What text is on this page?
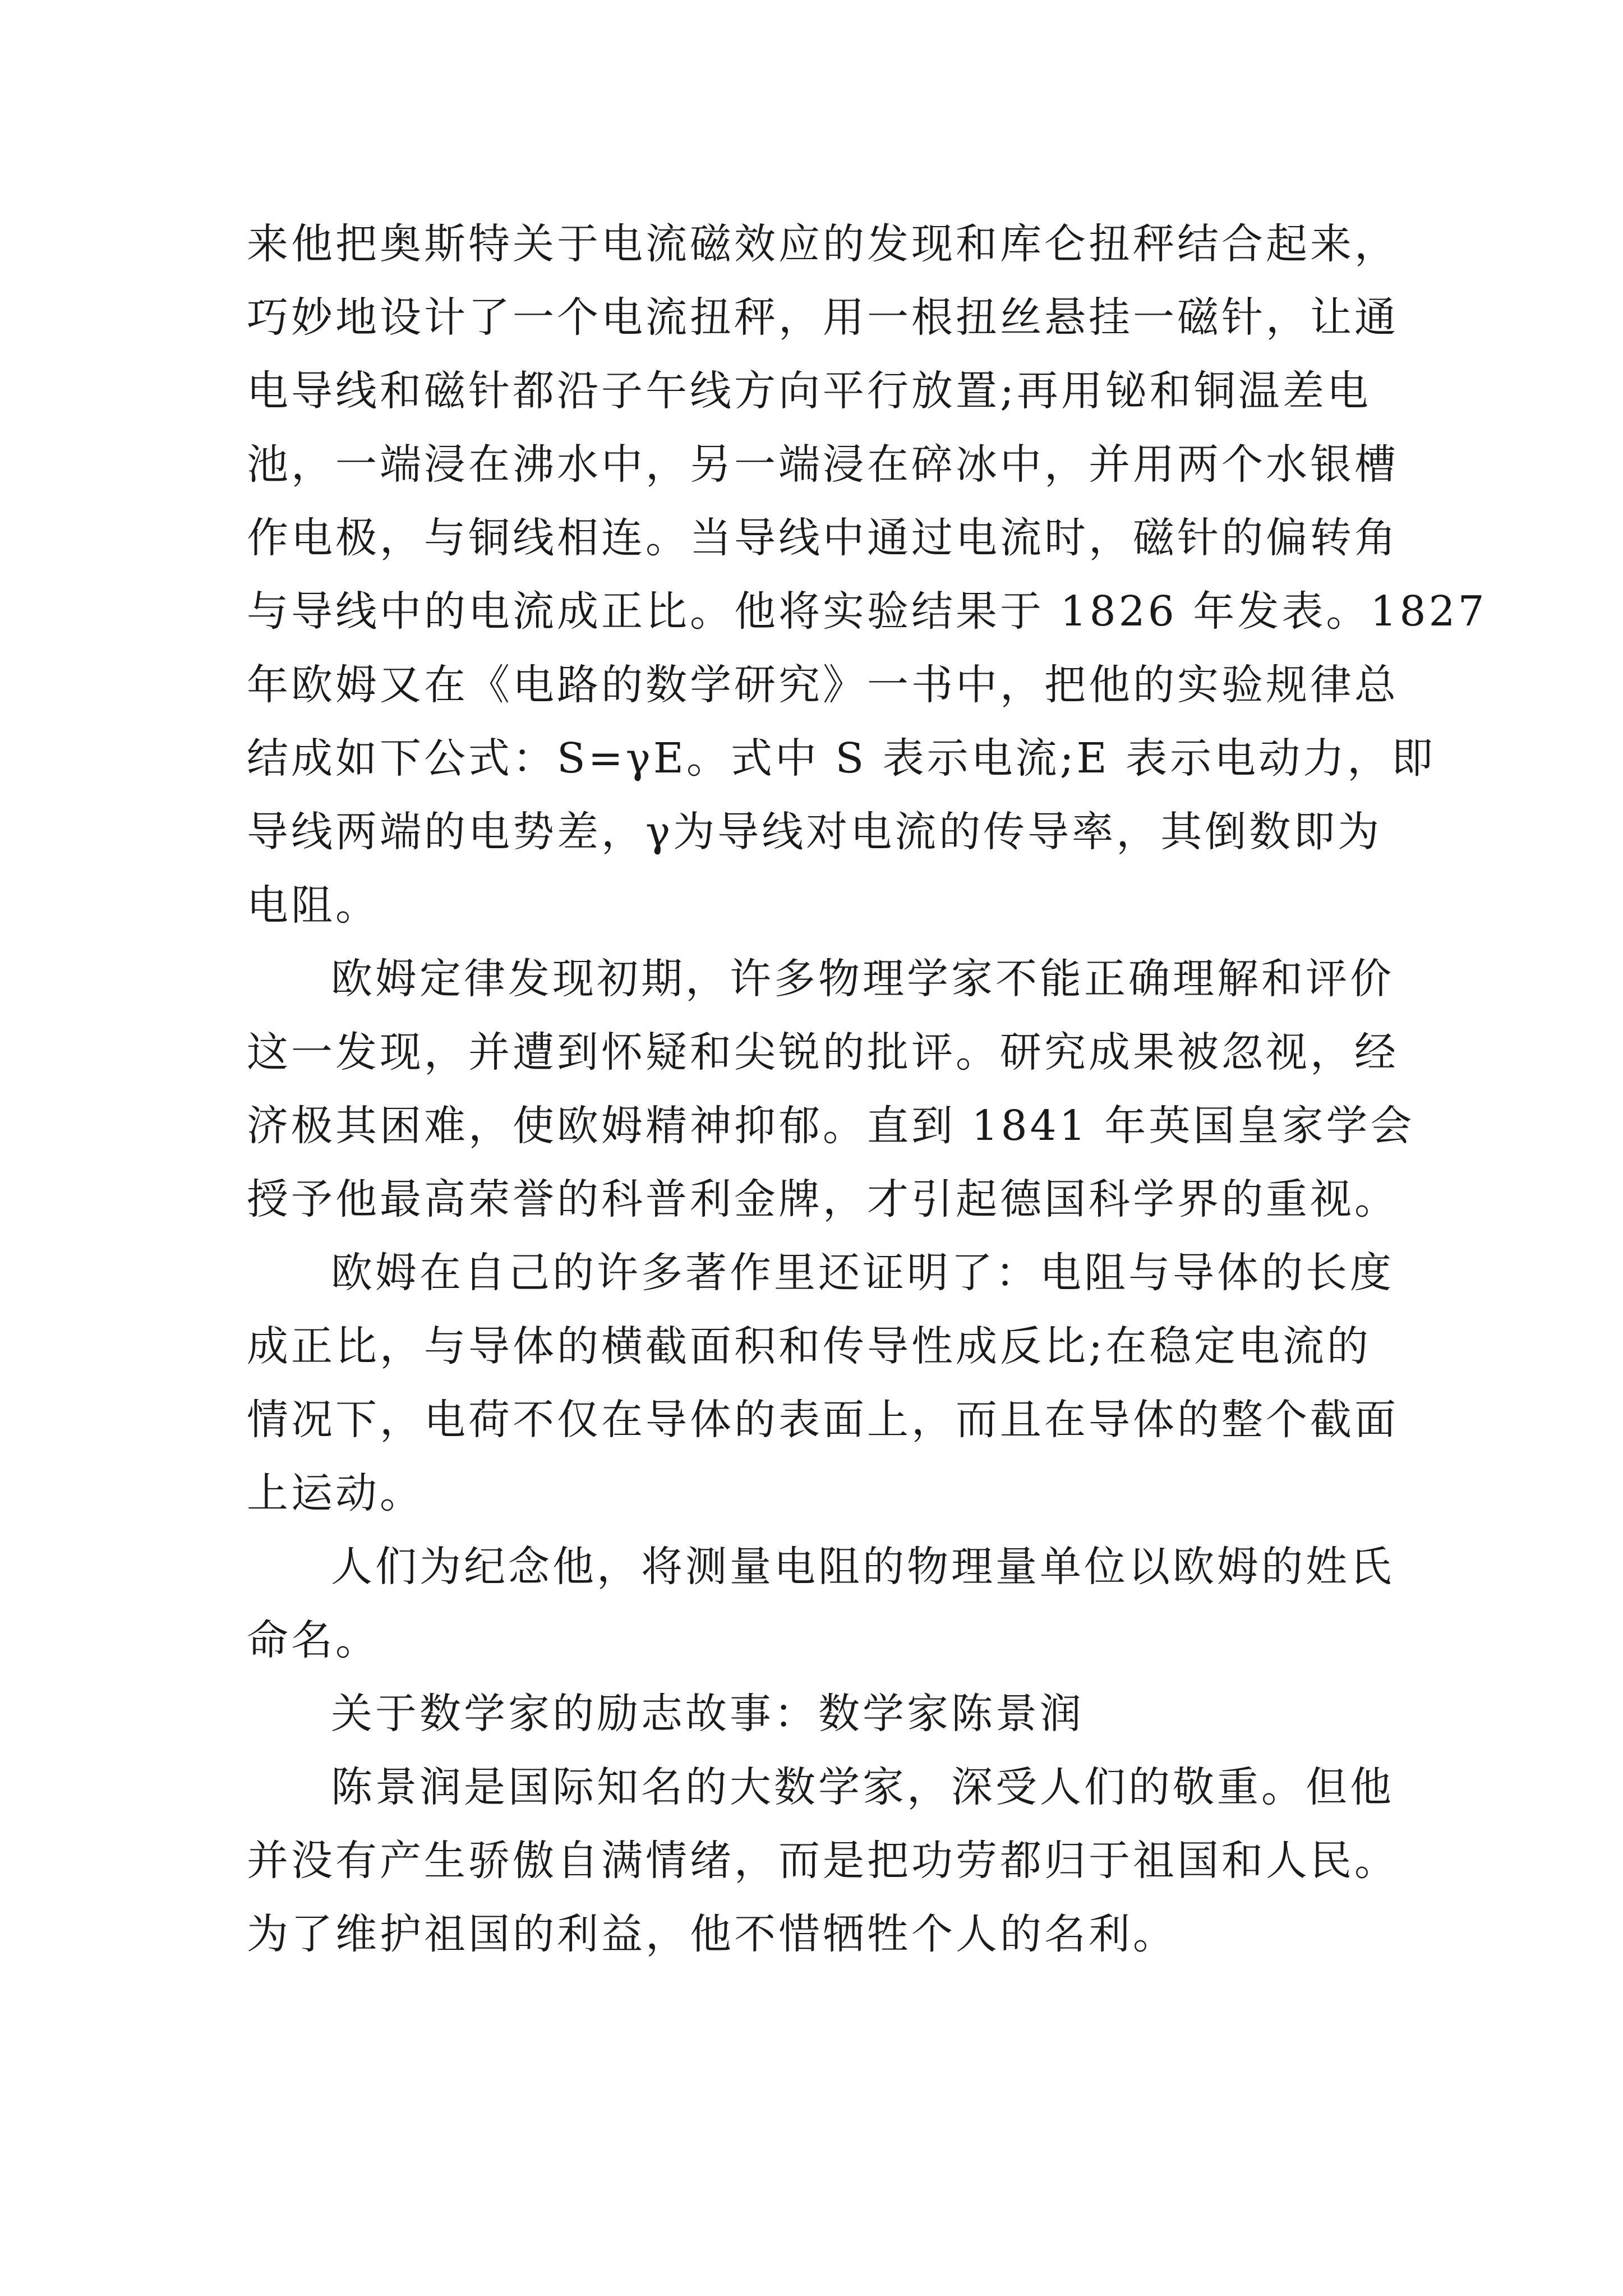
来他把奥斯特关于电流磁效应的发现和库仑扭秤结合起来，
巧妙地设计了一个电流扭秤，用一根扭丝悬挂一磁针，让通
电导线和磁针都沿子午线方向平行放置;再用铋和铜温差电
池，一端浸在沸水中，另一端浸在碎冰中，并用两个水银槽
作电极，与铜线相连。当导线中通过电流时，磁针的偏转角
与导线中的电流成正比。他将实验结果于 1826 年发表。1827
年欧姆又在《电路的数学研究》一书中，把他的实验规律总
结成如下公式：S=γE。式中 S 表示电流;E 表示电动力，即
导线两端的电势差，γ为导线对电流的传导率，其倒数即为
电阻。
欧姆定律发现初期，许多物理学家不能正确理解和评价
这一发现，并遭到怀疑和尖锐的批评。研究成果被忽视，经
济极其困难，使欧姆精神抑郁。直到 1841 年英国皇家学会
授予他最高荣誉的科普利金牌，才引起德国科学界的重视。
欧姆在自己的许多著作里还证明了：电阻与导体的长度
成正比，与导体的横截面积和传导性成反比;在稳定电流的
情况下，电荷不仅在导体的表面上，而且在导体的整个截面
上运动。
人们为纪念他，将测量电阻的物理量单位以欧姆的姓氏
命名。
关于数学家的励志故事：数学家陈景润
陈景润是国际知名的大数学家，深受人们的敬重。但他
并没有产生骄傲自满情绪，而是把功劳都归于祖国和人民。
为了维护祖国的利益，他不惜牺牲个人的名利。
